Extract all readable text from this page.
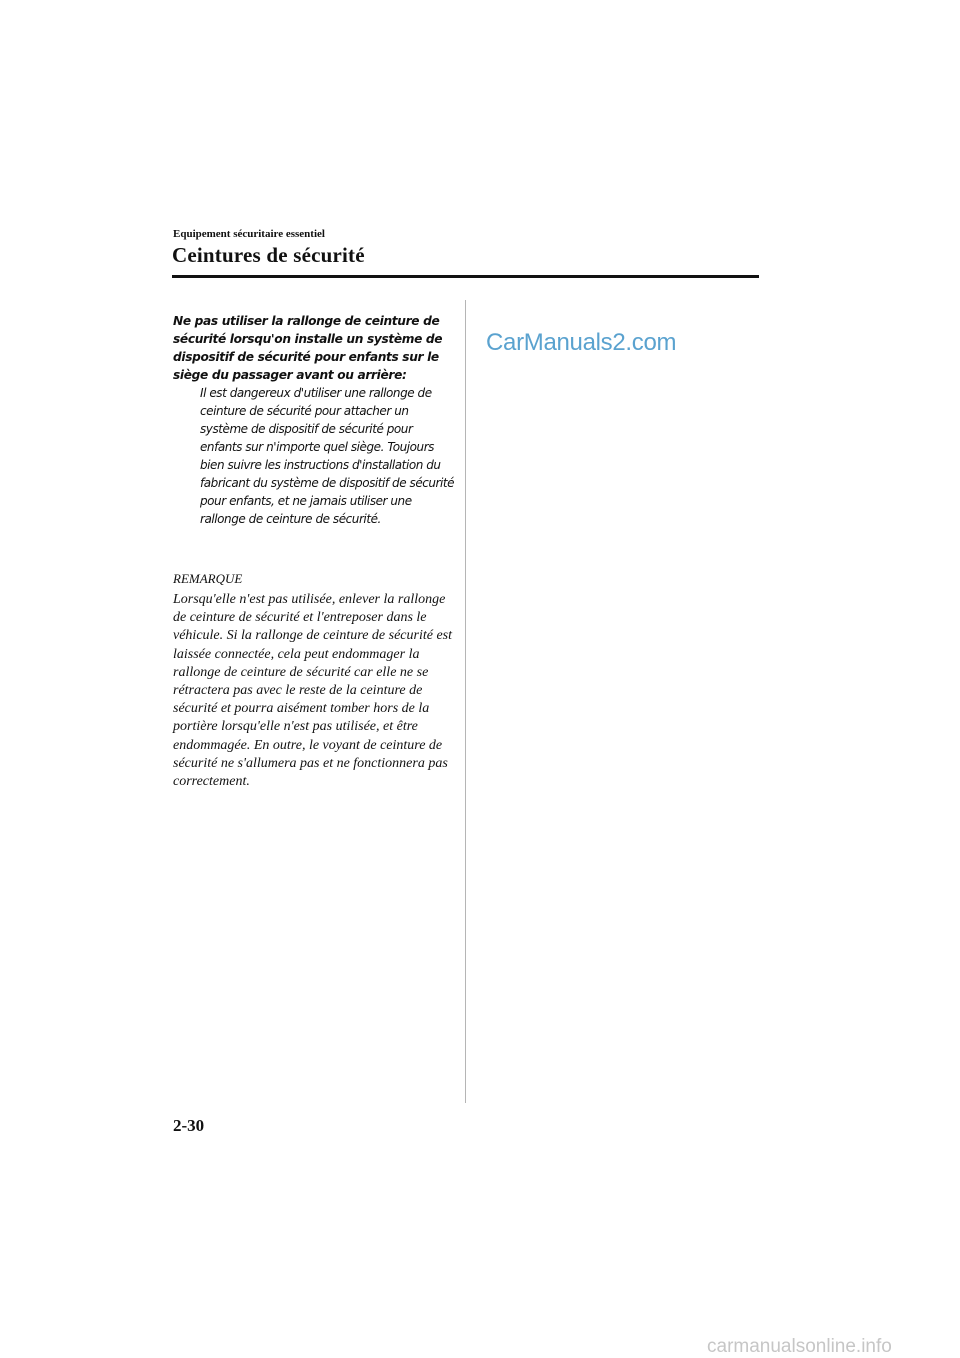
Equipement sécuritaire essentiel

Ceintures de sécurité

Ne pas utiliser la rallonge de ceinture de sécurité lorsqu'on installe un système de dispositif de sécurité pour enfants sur le siège du passager avant ou arrière:

Il est dangereux d'utiliser une rallonge de ceinture de sécurité pour attacher un système de dispositif de sécurité pour enfants sur n'importe quel siège. Toujours bien suivre les instructions d'installation du fabricant du système de dispositif de sécurité pour enfants, et ne jamais utiliser une rallonge de ceinture de sécurité.

REMARQUE

Lorsqu'elle n'est pas utilisée, enlever la rallonge de ceinture de sécurité et l'entreposer dans le véhicule. Si la rallonge de ceinture de sécurité est laissée connectée, cela peut endommager la rallonge de ceinture de sécurité car elle ne se rétractera pas avec le reste de la ceinture de sécurité et pourra aisément tomber hors de la portière lorsqu'elle n'est pas utilisée, et être endommagée. En outre, le voyant de ceinture de sécurité ne s'allumera pas et ne fonctionnera pas correctement.

CarManuals2.com

2-30

carmanualsonline.info
